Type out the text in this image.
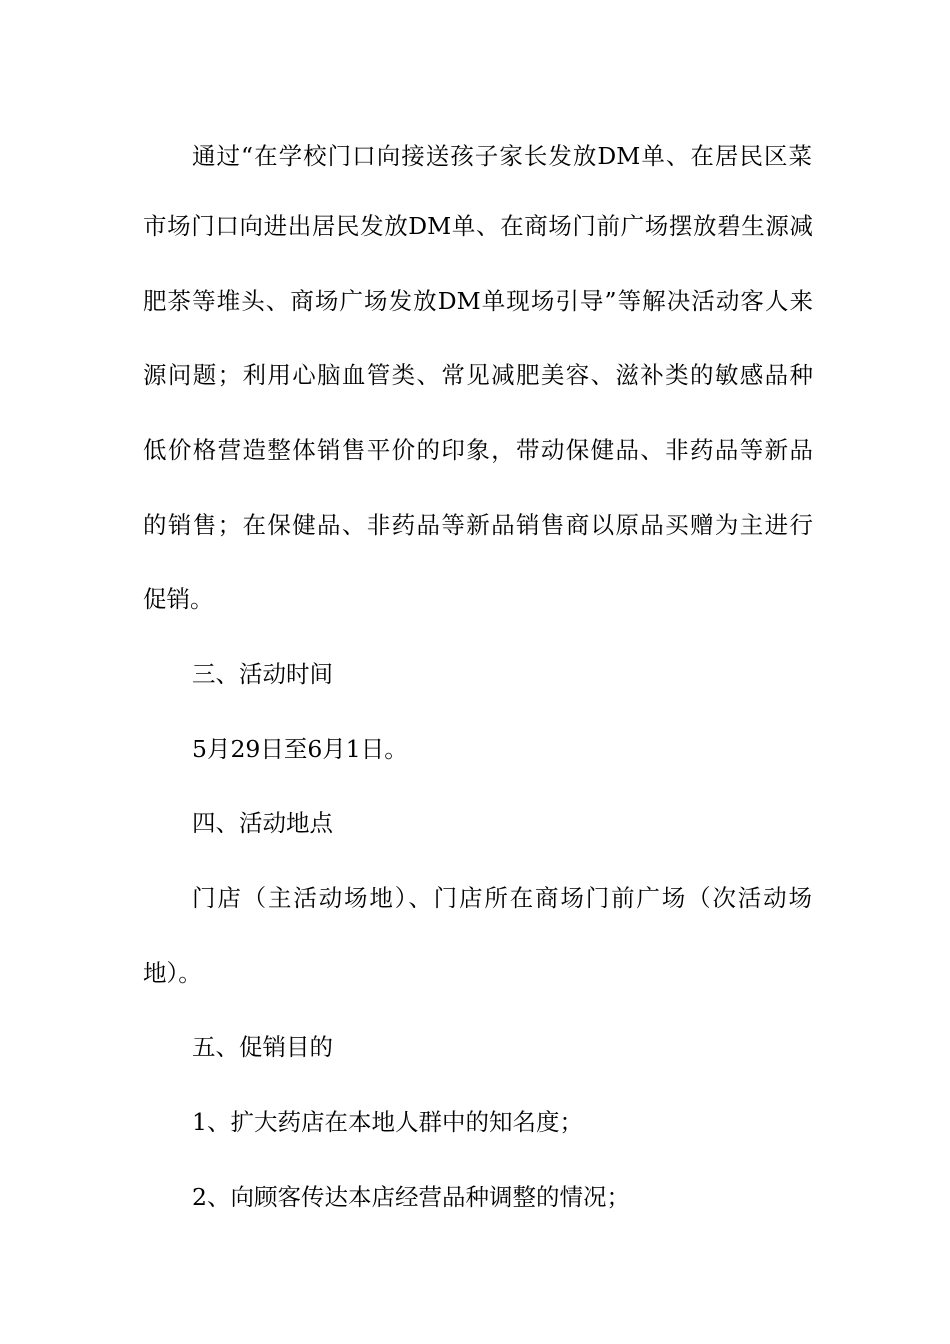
通过“在学校门口向接送孩子家长发放DM单、在居民区菜
市场门口向进出居民发放DM单、在商场门前广场摆放碧生源减
肥茶等堆头、商场广场发放DM单现场引导”等解决活动客人来
源问题；利用心脑血管类、常见减肥美容、滋补类的敏感品种
低价格营造整体销售平价的印象，带动保健品、非药品等新品
的销售；在保健品、非药品等新品销售商以原品买赠为主进行
促销。
三、活动时间
5月29日至6月1日。
四、活动地点
门店（主活动场地）、门店所在商场门前广场（次活动场
地）。
五、促销目的
1、扩大药店在本地人群中的知名度；
2、向顾客传达本店经营品种调整的情况；
